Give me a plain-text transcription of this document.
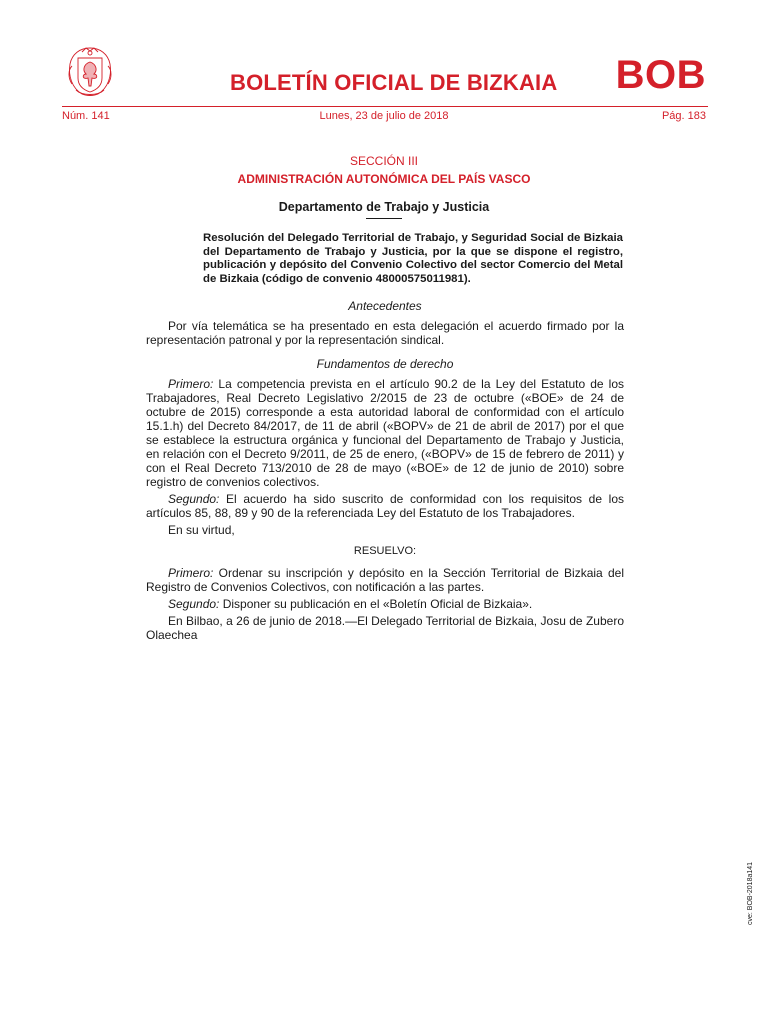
BOLETÍN OFICIAL DE BIZKAIA BOB
Núm. 141	Lunes, 23 de julio de 2018	Pág. 183
SECCIÓN III
ADMINISTRACIÓN AUTONÓMICA DEL PAÍS VASCO
Departamento de Trabajo y Justicia
Resolución del Delegado Territorial de Trabajo, y Seguridad Social de Bizkaia del Departamento de Trabajo y Justicia, por la que se dispone el registro, publicación y depósito del Convenio Colectivo del sector Comercio del Metal de Bizkaia (código de convenio 48000575011981).

Antecedentes

Por vía telemática se ha presentado en esta delegación el acuerdo firmado por la representación patronal y por la representación sindical.

Fundamentos de derecho

Primero: La competencia prevista en el artículo 90.2 de la Ley del Estatuto de los Trabajadores, Real Decreto Legislativo 2/2015 de 23 de octubre («BOE» de 24 de octubre de 2015) corresponde a esta autoridad laboral de conformidad con el artículo 15.1.h) del Decreto 84/2017, de 11 de abril («BOPV» de 21 de abril de 2017) por el que se establece la estructura orgánica y funcional del Departamento de Trabajo y Justicia, en relación con el Decreto 9/2011, de 25 de enero, («BOPV» de 15 de febrero de 2011) y con el Real Decreto 713/2010 de 28 de mayo («BOE» de 12 de junio de 2010) sobre registro de convenios colectivos.

Segundo: El acuerdo ha sido suscrito de conformidad con los requisitos de los artículos 85, 88, 89 y 90 de la referenciada Ley del Estatuto de los Trabajadores.

En su virtud,

RESUELVO:

Primero: Ordenar su inscripción y depósito en la Sección Territorial de Bizkaia del Registro de Convenios Colectivos, con notificación a las partes.

Segundo: Disponer su publicación en el «Boletín Oficial de Bizkaia».

En Bilbao, a 26 de junio de 2018.—El Delegado Territorial de Bizkaia, Josu de Zubero Olaechea

cve: BOB-2018a141
